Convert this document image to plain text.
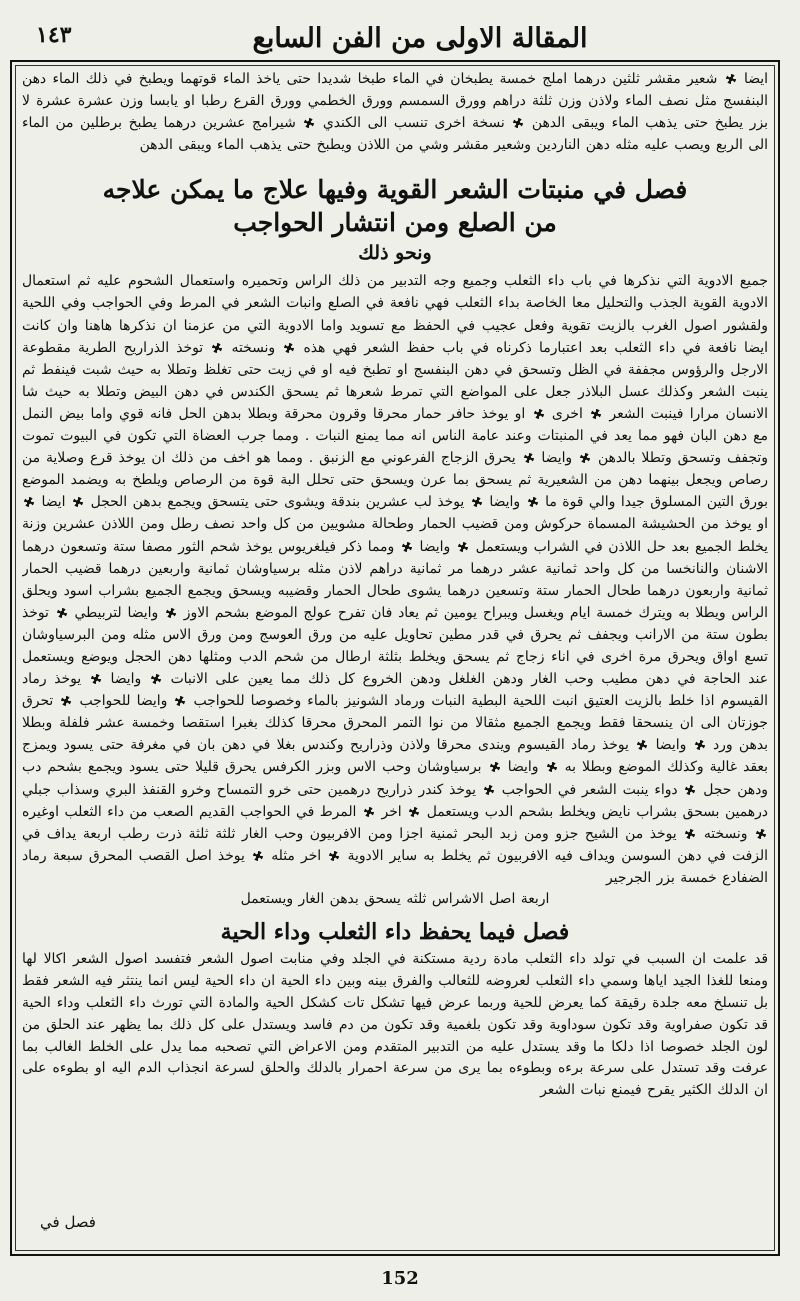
١٤٣	المقالة الاولى من الفن السابع

ايضا  شعير مقشر ثلثين درهما املج خمسة يطبخان في الماء طبخا شديدا حتى ياخذ الماء قوتهما ويطبخ في ذلك الماء دهن البنفسج مثل نصف الماء ولاذن وزن ثلثة دراهم وورق السمسم وورق الخطمي وورق القرع رطبا او يابسا وزن عشرة عشرة لا بزر يطبخ حتى يذهب الماء ويبقى الدهن  نسخة اخرى تنسب الى الكندي  شيرامج عشرين درهما يطبخ برطلين من الماء الى الربع ويصب عليه مثله دهن الناردين وشعير مقشر وشي من اللاذن ويطبخ حتى يذهب الماء ويبقى الدهن

فصل في منبتات الشعر القوية وفيها علاج ما يمكن علاجه
من الصلع ومن انتشار الحواجب
ونحو ذلك

جميع الادوية التي نذكرها في باب داء الثعلب وجميع وجه التدبير من ذلك الراس وتحميره واستعمال الشحوم عليه ثم استعمال الادوية القوية الجذب والتحليل معا الخاصة بداء الثعلب فهي نافعة في الصلع وانبات الشعر في المرط وفي الحواجب وفي اللحية ولقشور اصول الغرب بالزيت تقوية وفعل عجيب في الحفظ مع تسويد واما الادوية التي من عزمنا ان نذكرها هاهنا وان كانت ايضا نافعة في داء الثعلب بعد اعتبارما ذكرناه في باب حفظ الشعر فهي هذه  ونسخته  توخذ الذراريح الطرية مقطوعة الارجل والرؤوس مجففة في الظل وتسحق في دهن البنفسج او تطبخ فيه او في زيت حتى تغلظ وتطلا به حيث شبت فينفط ثم ينبت الشعر وكذلك عسل البلاذر جعل على المواضع التي تمرط شعرها ثم يسحق الكندس في دهن البيض وتطلا به حيث شا الانسان مرارا فينبت الشعر  اخرى  او يوخذ حافر حمار محرقا وقرون محرقة وبطلا بدهن الحل فانه قوي واما بيض النمل مع دهن البان فهو مما يعد في المنبتات وعند عامة الناس انه مما يمنع النبات . ومما جرب العضاة التي تكون في البيوت تموت وتجفف وتسحق وتطلا بالدهن  وايضا  يحرق الزجاج الفرعوني مع الزنبق . ومما هو اخف من ذلك ان يوخذ قرع وصلاية من رصاص ويجعل بينهما دهن من الشعيرية ثم يسحق بما عرن ويسحق حتى تحلل البة قوة من الرصاص ويلطخ به ويضمد الموضع بورق التين المسلوق جيدا والي قوة ما  وايضا  يوخذ لب عشرين بندقة ويشوى حتى يتسحق ويجمع بدهن الحجل  ايضا  او يوخذ من الحشيشة المسماة حركوش ومن قضيب الحمار وطحالة مشويين من كل واحد نصف رطل ومن اللاذن عشرين وزنة يخلط الجميع بعد حل اللاذن في الشراب ويستعمل  وايضا  ومما ذكر فيلغريوس يوخذ شحم الثور مصفا ستة وتسعون درهما الاشنان والنانخسا من كل واحد ثمانية عشر درهما مر ثمانية دراهم لاذن مثله برسياوشان ثمانية واربعين درهما قضيب الحمار ثمانية واربعون درهما طحال الحمار ستة وتسعين درهما يشوى طحال الحمار وقضيبه ويسحق ويجمع الجميع بشراب اسود ويحلق الراس ويطلا به ويترك خمسة ايام ويغسل ويبراح يومين ثم يعاد فان تفرح عولج الموضع بشحم الاوز  وايضا لتربيطي  توخذ بطون ستة من الارانب ويجفف ثم يحرق في قدر مطين تحاويل عليه من ورق العوسج ومن ورق الاس مثله ومن البرسياوشان تسع اواق ويحرق مرة اخرى في اناء زجاج ثم يسحق ويخلط بثلثة ارطال من شحم الدب ومثلها دهن الحجل ويوضع ويستعمل عند الحاجة في دهن مطيب وحب الغار ودهن الغلغل ودهن الخروع كل ذلك مما يعين على الانبات  وايضا  يوخذ رماد القيسوم اذا خلط بالزيت العتيق انبت اللحية البطية النبات ورماد الشونيز بالماء وخصوصا للحواجب  وايضا للحواجب  تحرق جوزتان الى ان ينسحقا فقط ويجمع الجميع مثقالا من نوا التمر المحرق محرقا كذلك بغبرا استقصا وخمسة عشر فلفلة وبطلا بدهن ورد  وايضا  يوخذ رماد القيسوم ويندى محرقا ولاذن وذراريح وكندس بغلا في دهن بان في مغرفة حتى يسود ويمزج بعقد غالية وكذلك الموضع وبطلا به  وايضا  برسياوشان وحب الاس وبزر الكرفس يحرق قليلا حتى يسود ويجمع بشحم دب ودهن حجل  دواء ينبت الشعر في الحواجب  يوخذ كندر ذراريح درهمين حتى خرو التمساح وخرو القنفذ البري وسذاب جبلي درهمين بسحق بشراب نايض ويخلط بشحم الدب ويستعمل  اخر  المرط في الحواجب القديم الصعب من داء الثعلب اوغيره  ونسخته  يوخذ من الشيح جزو ومن زبد البحر ثمنية اجزا ومن الافربيون وحب الغار ثلثة ثلثة ذرت رطب اربعة يداف في الزفت في دهن السوسن ويداف فيه الافربيون ثم يخلط به ساير الادوية  اخر مثله  يوخذ اصل القصب المحرق سبعة رماد الضفادع خمسة بزر الجرجير

اربعة اصل الاشراس ثلثه يسحق بدهن الغار ويستعمل

فصل فيما يحفظ داء الثعلب وداء الحية

قد علمت ان السبب في تولد داء الثعلب مادة ردية مستكنة في الجلد وفي منابت اصول الشعر فتفسد اصول الشعر اكالا لها ومنعا للغذا الجيد اياها وسمي داء الثعلب لعروضه للثعالب والفرق بينه وبين داء الحية ان داء الحية ليس انما ينتثر فيه الشعر فقط بل تنسلخ معه جلدة رقيقة كما يعرض للحية وربما عرض فيها تشكل تات كشكل الحية والمادة التي تورث داء الثعلب وداء الحية قد تكون صفراوية وقد تكون سوداوية وقد تكون بلغمية وقد تكون من دم فاسد ويستدل على كل ذلك بما يظهر عند الحلق من لون الجلد خصوصا اذا دلكا ما وقد يستدل عليه من التدبير المتقدم ومن الاعراض التي تصحبه مما يدل على الخلط الغالب بما عرفت وقد تستدل على سرعة برءه وبطوءه بما يرى من سرعة احمرار بالدلك والحلق لسرعة انجذاب الدم اليه او بطوءه على ان الدلك الكثير يقرح فيمنع نبات الشعر

فصل في
152
